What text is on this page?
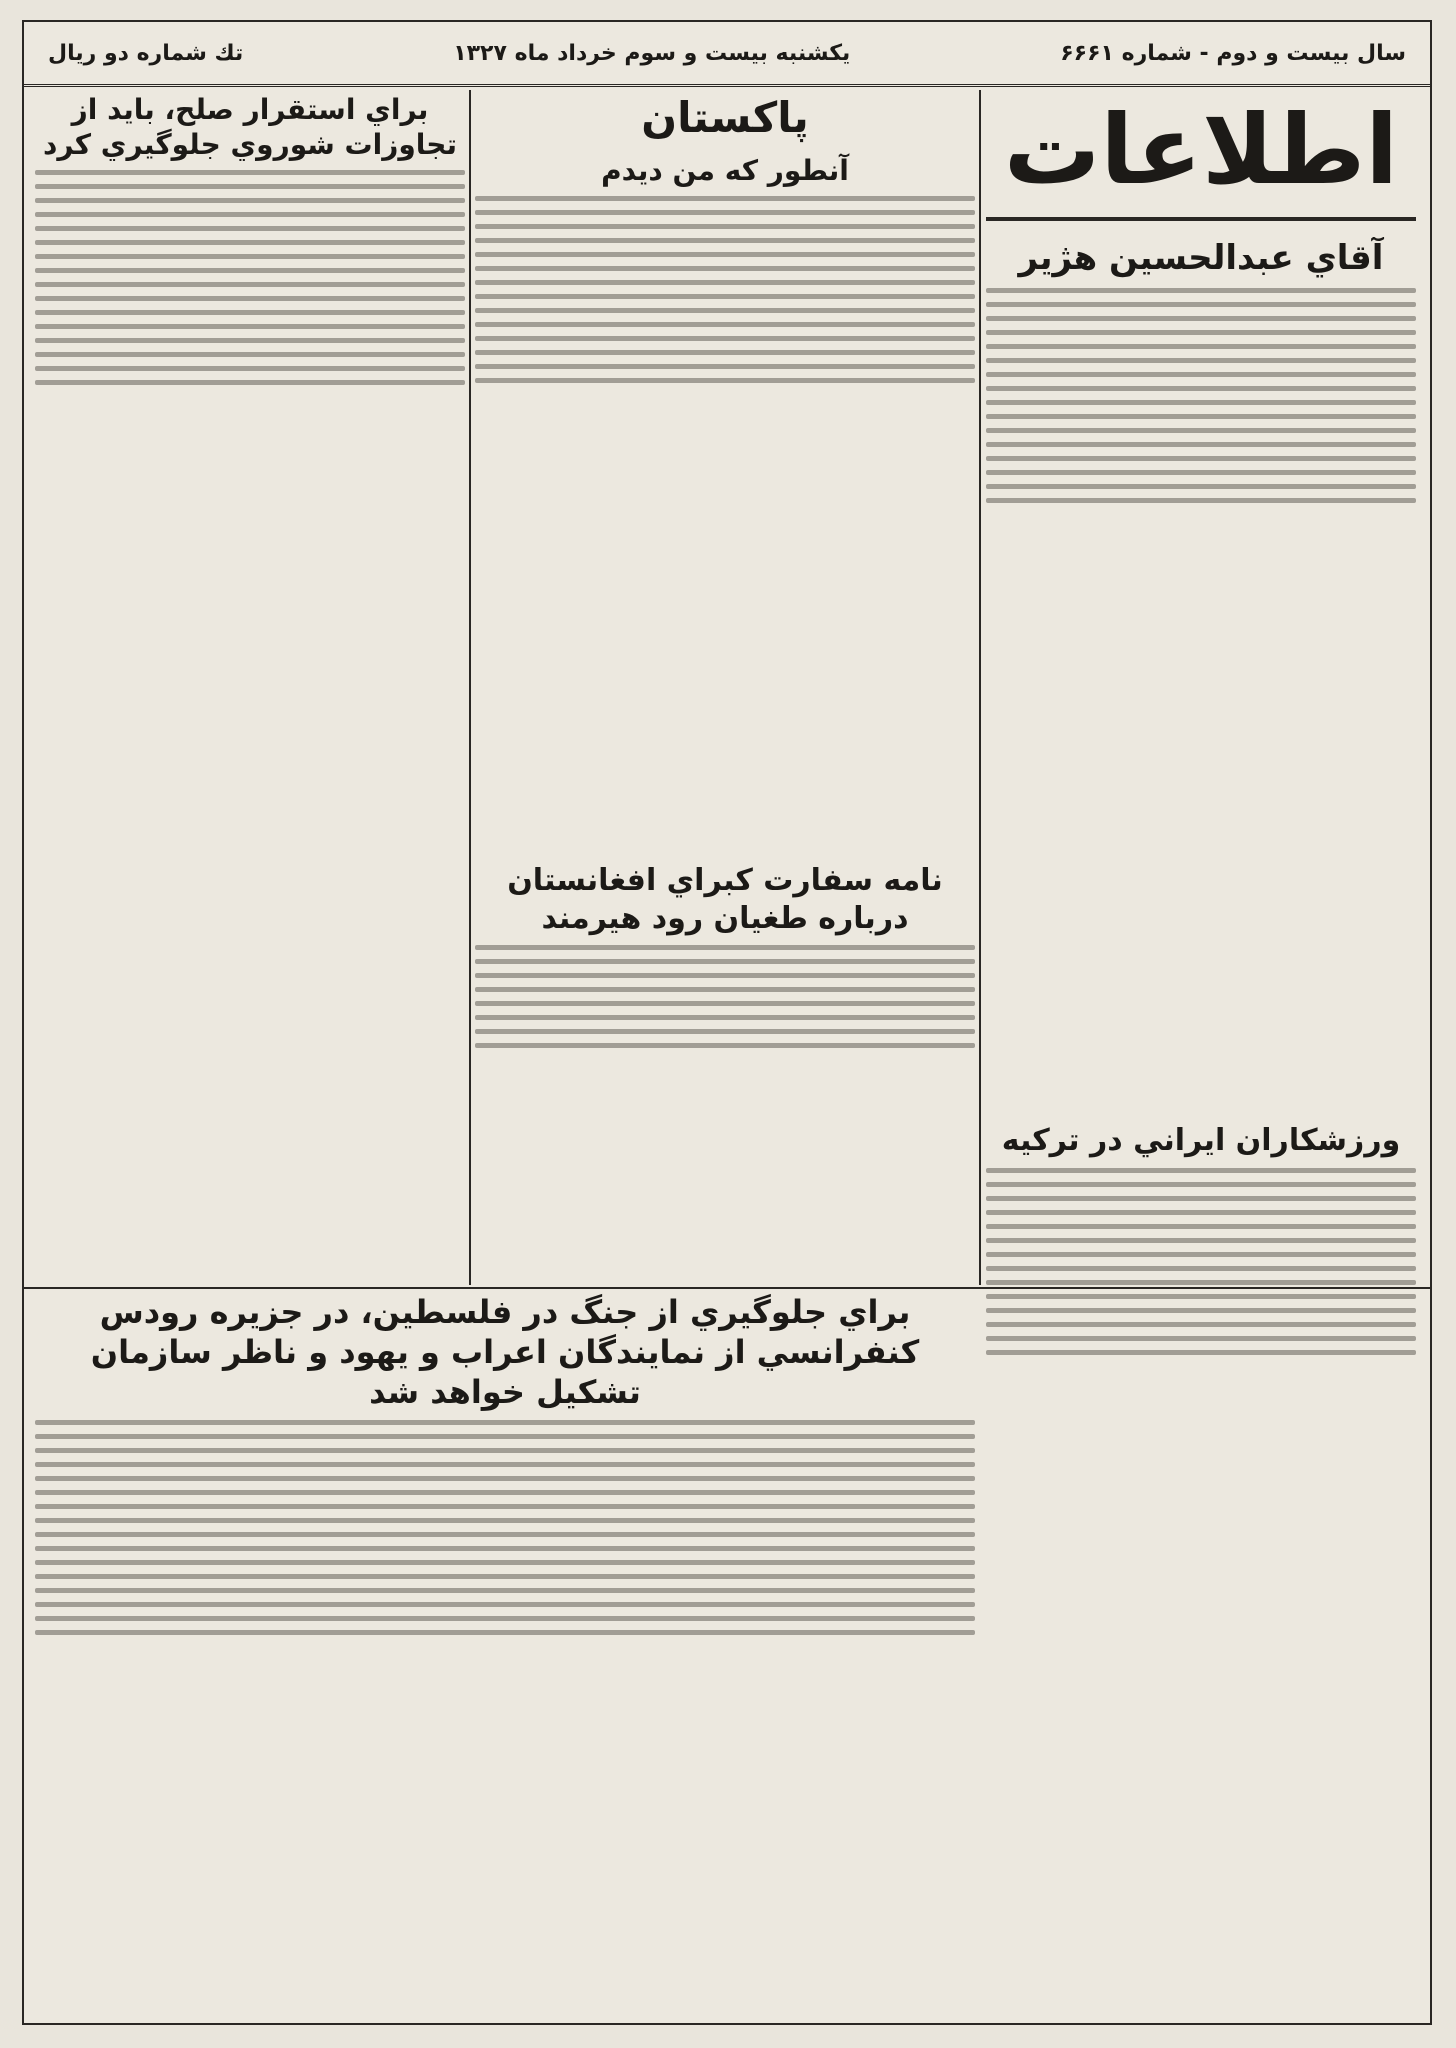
سال بيست و دوم - شماره ۶۶۶۱
يكشنبه بيست و سوم خرداد ماه ۱۳۲۷
تك شماره دو ريال
اطلاعات
آقاي عبدالحسين هژير
پاكستان
آنطور كه من ديدم
نامه سفارت كبراي افغانستان درباره طغيان رود هيرمند
براي استقرار صلح، بايد از تجاوزات شوروي جلوگيري كرد
ورزشكاران ايراني در تركيه
براي جلوگيري از جنگ در فلسطين، در جزيره رودس كنفرانسي از نمايندگان اعراب و يهود و ناظر سازمان تشكيل خواهد شد
